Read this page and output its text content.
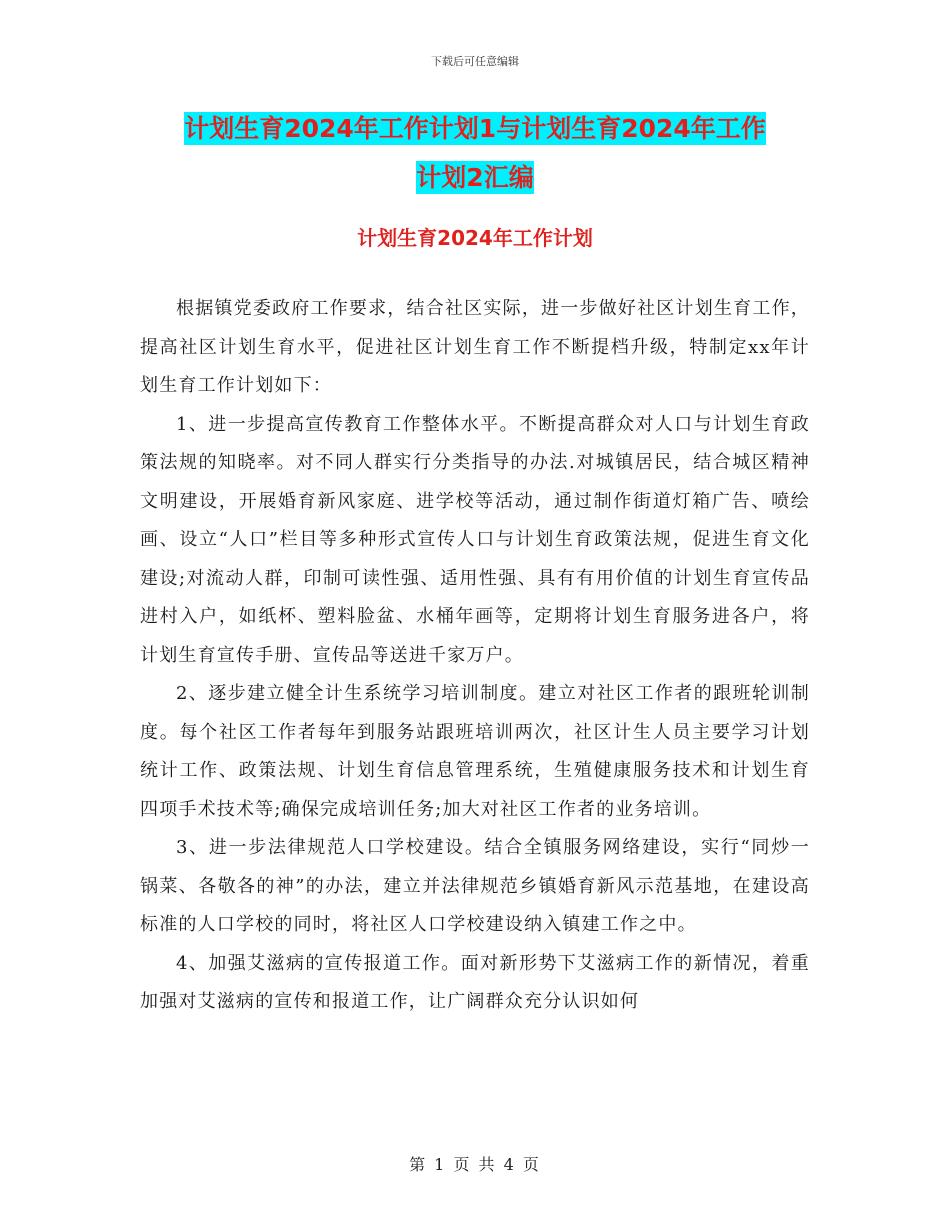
下载后可任意编辑
计划生育2024年工作计划1与计划生育2024年工作
计划2汇编
计划生育2024年工作计划

根据镇党委政府工作要求，结合社区实际，进一步做好社区计划生育工作，提高社区计划生育水平，促进社区计划生育工作不断提档升级，特制定xx年计划生育工作计划如下：

1、进一步提高宣传教育工作整体水平。不断提高群众对人口与计划生育政策法规的知晓率。对不同人群实行分类指导的办法.对城镇居民，结合城区精神文明建设，开展婚育新风家庭、进学校等活动，通过制作街道灯箱广告、喷绘画、设立“人口”栏目等多种形式宣传人口与计划生育政策法规，促进生育文化建设;对流动人群，印制可读性强、适用性强、具有有用价值的计划生育宣传品进村入户，如纸杯、塑料脸盆、水桶年画等，定期将计划生育服务进各户，将计划生育宣传手册、宣传品等送进千家万户。

2、逐步建立健全计生系统学习培训制度。建立对社区工作者的跟班轮训制度。每个社区工作者每年到服务站跟班培训两次，社区计生人员主要学习计划统计工作、政策法规、计划生育信息管理系统，生殖健康服务技术和计划生育四项手术技术等;确保完成培训任务;加大对社区工作者的业务培训。

3、进一步法律规范人口学校建设。结合全镇服务网络建设，实行“同炒一锅菜、各敬各的神”的办法，建立并法律规范乡镇婚育新风示范基地，在建设高标准的人口学校的同时，将社区人口学校建设纳入镇建工作之中。

4、加强艾滋病的宣传报道工作。面对新形势下艾滋病工作的新情况，着重加强对艾滋病的宣传和报道工作，让广阔群众充分认识如何

第 1 页 共 4 页
